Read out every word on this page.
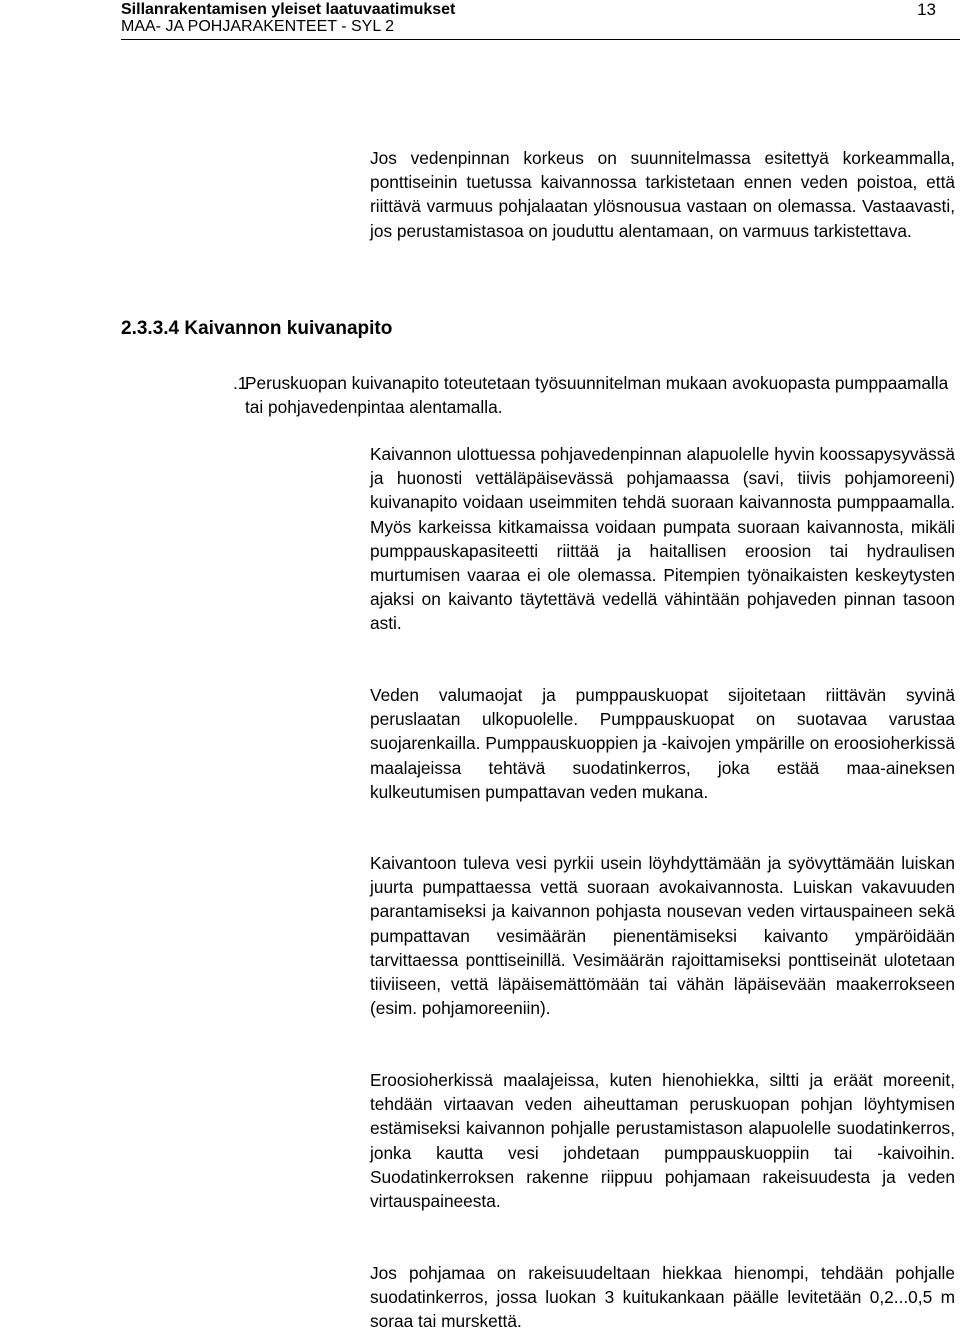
Sillanrakentamisen yleiset laatuvaatimukset
MAA- JA POHJARAKENTEET - SYL 2
13

Jos vedenpinnan korkeus on suunnitelmassa esitettyä korkeammalla, ponttiseinin tuetussa kaivannossa tarkistetaan ennen veden poistoa, että riittävä varmuus pohjalaatan ylösnousua vastaan on olemassa. Vastaavasti, jos perustamistasoa on jouduttu alentamaan, on varmuus tarkistettava.

2.3.3.4 Kaivannon kuivanapito
.1

Peruskuopan kuivanapito toteutetaan työsuunnitelman mukaan avokuopasta pumppaamalla tai pohjavedenpintaa alentamalla.

Kaivannon ulottuessa pohjavedenpinnan alapuolelle hyvin koossapysyvässä ja huonosti vettäläpäisevässä pohjamaassa (savi, tiivis pohjamoreeni) kuivanapito voidaan useimmiten tehdä suoraan kaivannosta pumppaamalla. Myös karkeissa kitkamaissa voidaan pumpata suoraan kaivannosta, mikäli pumppauskapasiteetti riittää ja haitallisen eroosion tai hydraulisen murtumisen vaaraa ei ole olemassa. Pitempien työnaikaisten keskeytysten ajaksi on kaivanto täytettävä vedellä vähintään pohjaveden pinnan tasoon asti.

Veden valumaojat ja pumppauskuopat sijoitetaan riittävän syvinä peruslaatan ulkopuolelle. Pumppauskuopat on suotavaa varustaa suojarenkailla. Pumppauskuoppien ja -kaivojen ympärille on eroosioherkissä maalajeissa tehtävä suodatinkerros, joka estää maa-aineksen kulkeutumisen pumpattavan veden mukana.

Kaivantoon tuleva vesi pyrkii usein löyhdyttämään ja syövyttämään luiskan juurta pumpattaessa vettä suoraan avokaivannosta. Luiskan vakavuuden parantamiseksi ja kaivannon pohjasta nousevan veden virtauspaineen sekä pumpattavan vesimäärän pienentämiseksi kaivanto ympäröidään tarvittaessa ponttiseinillä. Vesimäärän rajoittamiseksi ponttiseinät ulotetaan tiiviiseen, vettä läpäisemättömään tai vähän läpäisevään maakerrokseen (esim. pohjamoreeniin).

Eroosioherkissä maalajeissa, kuten hienohiekka, siltti ja eräät moreenit, tehdään virtaavan veden aiheuttaman peruskuopan pohjan löyhtymisen estämiseksi kaivannon pohjalle perustamistason alapuolelle suodatinkerros, jonka kautta vesi johdetaan pumppauskuoppiin tai -kaivoihin. Suodatinkerroksen rakenne riippuu pohjamaan rakeisuudesta ja veden virtauspaineesta.

Jos pohjamaa on rakeisuudeltaan hiekkaa hienompi, tehdään pohjalle suodatinkerros, jossa luokan 3 kuitukankaan päälle levitetään 0,2...0,5 m soraa tai murskettä.
